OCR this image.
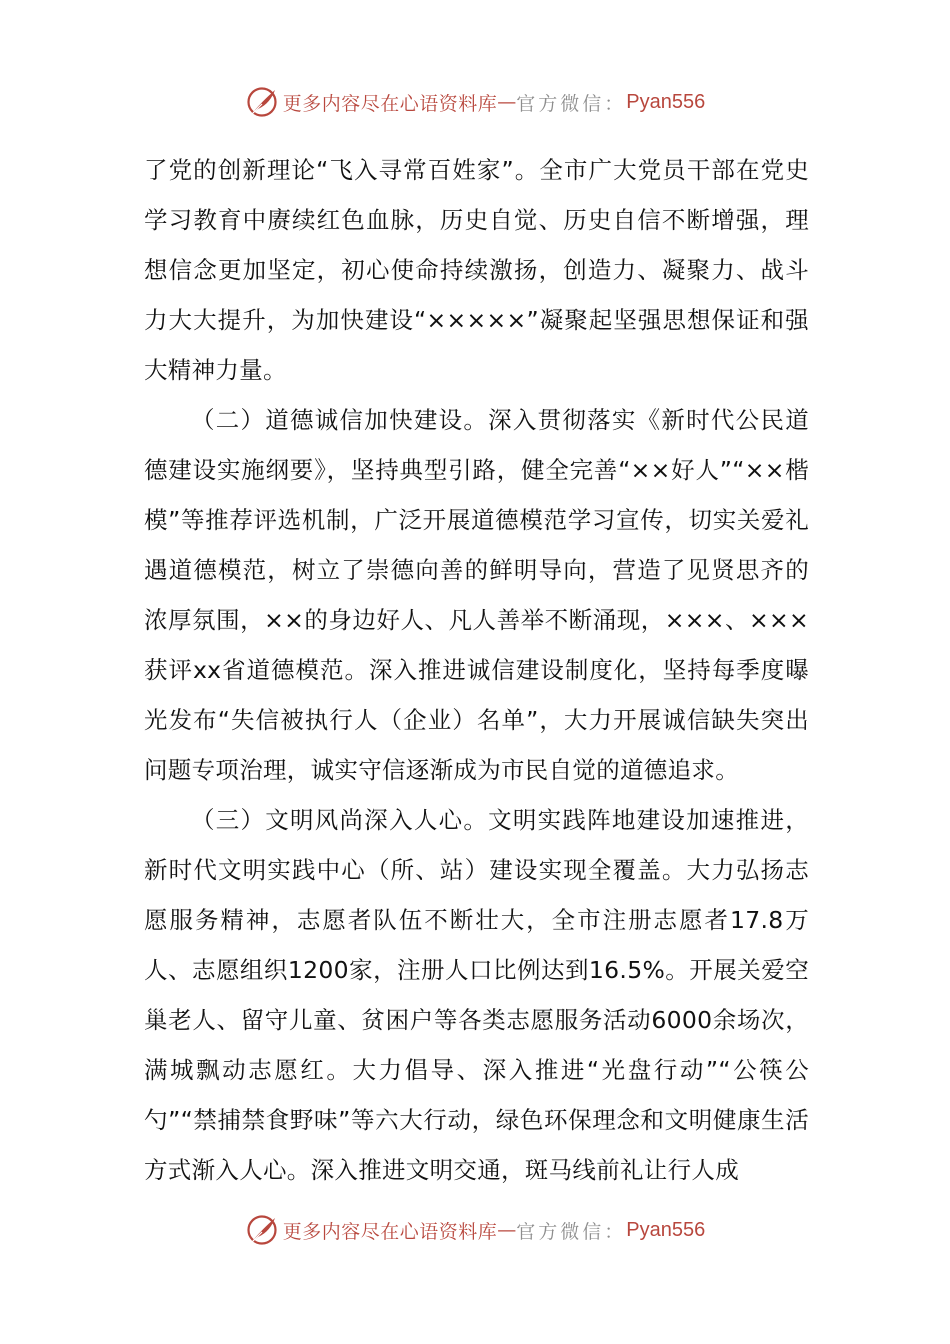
更多内容尽在心语资料库 — 官方微信： Pyan556

了党的创新理论“飞入寻常百姓家”。全市广大党员干部在党史学习教育中赓续红色血脉，历史自觉、历史自信不断增强，理想信念更加坚定，初心使命持续激扬，创造力、凝聚力、战斗力大大提升，为加快建设“×××××”凝聚起坚强思想保证和强大精神力量。

（二）道德诚信加快建设。深入贯彻落实《新时代公民道德建设实施纲要》，坚持典型引路，健全完善“××好人”“××楷模”等推荐评选机制，广泛开展道德模范学习宣传，切实关爱礼遇道德模范，树立了崇德向善的鲜明导向，营造了见贤思齐的浓厚氛围，××的身边好人、凡人善举不断涌现，×××、×××获评xx省道德模范。深入推进诚信建设制度化，坚持每季度曝光发布“失信被执行人（企业）名单”，大力开展诚信缺失突出问题专项治理，诚实守信逐渐成为市民自觉的道德追求。

（三）文明风尚深入人心。文明实践阵地建设加速推进，新时代文明实践中心（所、站）建设实现全覆盖。大力弘扬志愿服务精神，志愿者队伍不断壮大，全市注册志愿者17.8万人、志愿组织1200家，注册人口比例达到16.5%。开展关爱空巢老人、留守儿童、贫困户等各类志愿服务活动6000余场次，满城飘动志愿红。大力倡导、深入推进“光盘行动”“公筷公勺”“禁捕禁食野味”等六大行动，绿色环保理念和文明健康生活方式渐入人心。深入推进文明交通，斑马线前礼让行人成

更多内容尽在心语资料库 — 官方微信： Pyan556
